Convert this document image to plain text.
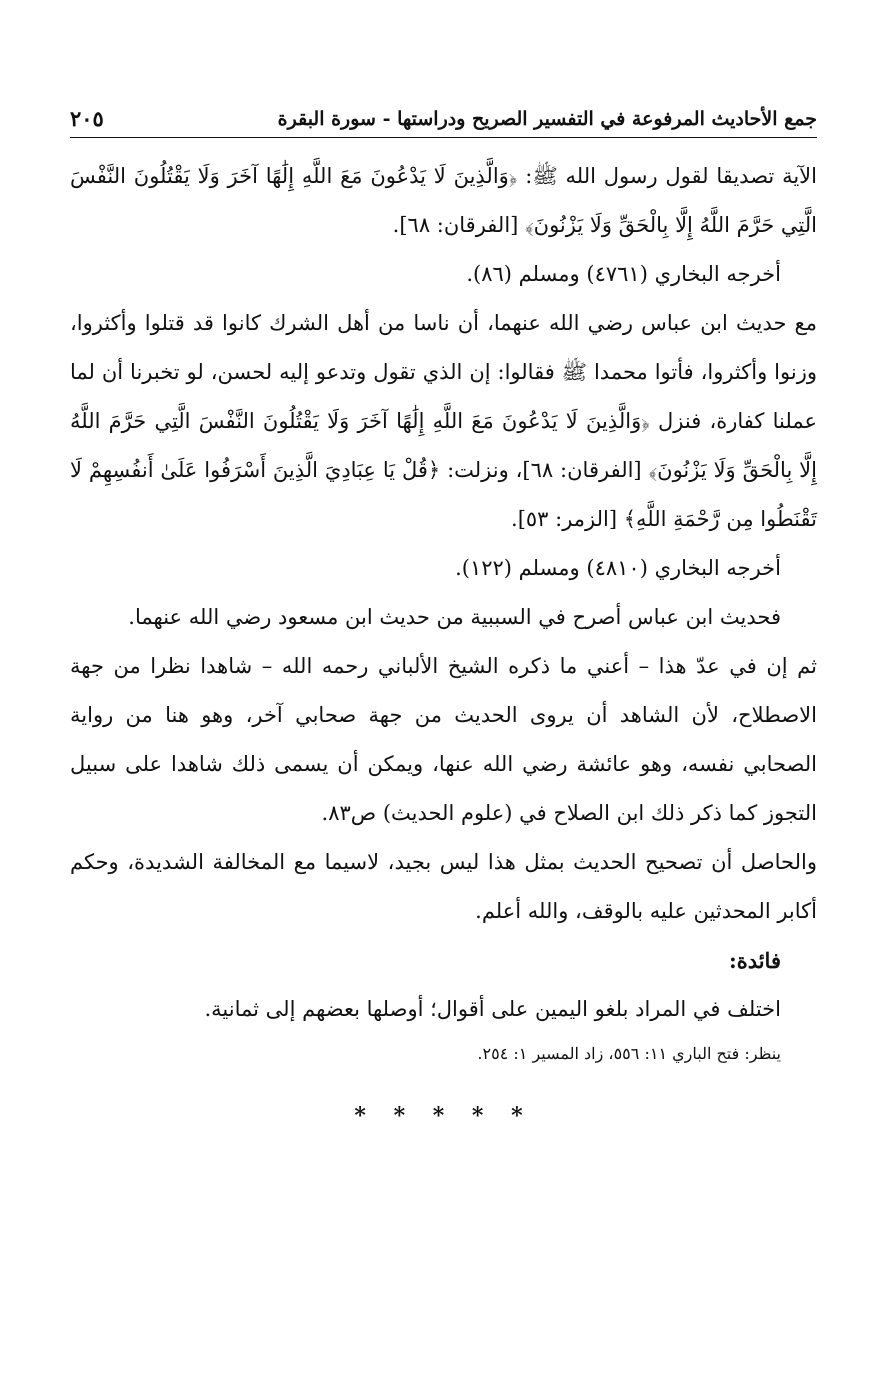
جمع الأحاديث المرفوعة في التفسير الصريح ودراستها - سورة البقرة
٢٠٥

الآية تصديقا لقول رسول الله ﷺ: ﴿وَالَّذِينَ لَا يَدْعُونَ مَعَ اللَّهِ إِلَٰهًا آخَرَ وَلَا يَقْتُلُونَ النَّفْسَ الَّتِي حَرَّمَ اللَّهُ إِلَّا بِالْحَقِّ وَلَا يَزْنُونَ﴾ [الفرقان: ٦٨].

أخرجه البخاري (٤٧٦١) ومسلم (٨٦).

مع حديث ابن عباس رضي الله عنهما، أن ناسا من أهل الشرك كانوا قد قتلوا وأكثروا، وزنوا وأكثروا، فأتوا محمدا ﷺ فقالوا: إن الذي تقول وتدعو إليه لحسن، لو تخبرنا أن لما عملنا كفارة، فنزل ﴿وَالَّذِينَ لَا يَدْعُونَ مَعَ اللَّهِ إِلَٰهًا آخَرَ وَلَا يَقْتُلُونَ النَّفْسَ الَّتِي حَرَّمَ اللَّهُ إِلَّا بِالْحَقِّ وَلَا يَزْنُونَ﴾ [الفرقان: ٦٨]، ونزلت: ﴿قُلْ يَا عِبَادِيَ الَّذِينَ أَسْرَفُوا عَلَىٰ أَنفُسِهِمْ لَا تَقْنَطُوا مِن رَّحْمَةِ اللَّهِ﴾ [الزمر: ٥٣].

أخرجه البخاري (٤٨١٠) ومسلم (١٢٢).

فحديث ابن عباس أصرح في السببية من حديث ابن مسعود رضي الله عنهما.

ثم إن في عدّ هذا – أعني ما ذكره الشيخ الألباني رحمه الله – شاهدا نظرا من جهة الاصطلاح، لأن الشاهد أن يروى الحديث من جهة صحابي آخر، وهو هنا من رواية الصحابي نفسه، وهو عائشة رضي الله عنها، ويمكن أن يسمى ذلك شاهدا على سبيل التجوز كما ذكر ذلك ابن الصلاح في (علوم الحديث) ص٨٣.

والحاصل أن تصحيح الحديث بمثل هذا ليس بجيد، لاسيما مع المخالفة الشديدة، وحكم أكابر المحدثين عليه بالوقف، والله أعلم.

فائدة:

اختلف في المراد بلغو اليمين على أقوال؛ أوصلها بعضهم إلى ثمانية.

ينظر: فتح الباري ١١: ٥٥٦، زاد المسير ١: ٢٥٤.

* * * * *
